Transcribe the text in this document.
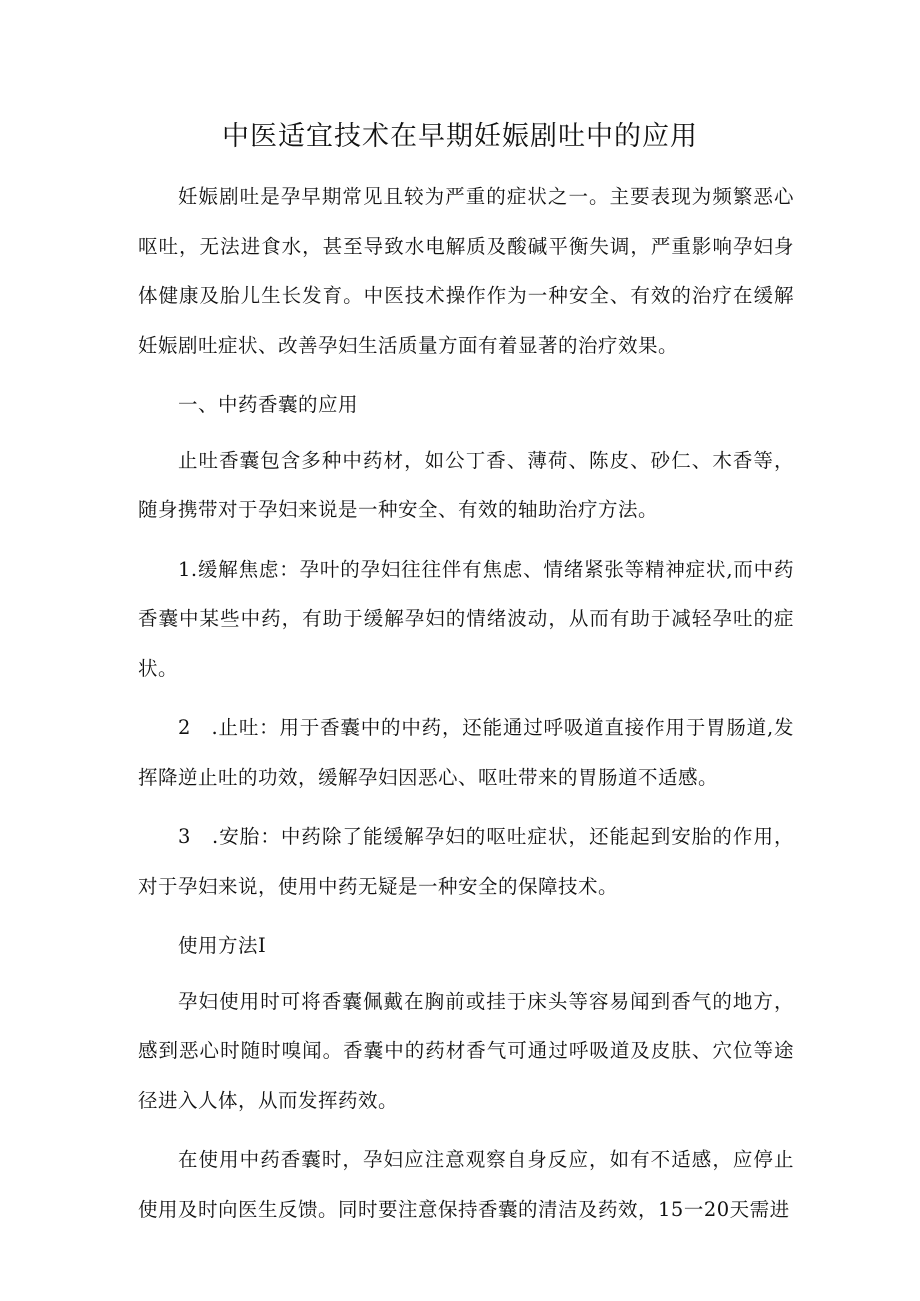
中医适宜技术在早期妊娠剧吐中的应用

妊娠剧吐是孕早期常见且较为严重的症状之一。主要表现为频繁恶心呕吐，无法进食水，甚至导致水电解质及酸碱平衡失调，严重影响孕妇身体健康及胎儿生长发育。中医技术操作作为一种安全、有效的治疗在缓解妊娠剧吐症状、改善孕妇生活质量方面有着显著的治疗效果。

一、中药香囊的应用

止吐香囊包含多种中药材，如公丁香、薄荷、陈皮、砂仁、木香等，随身携带对于孕妇来说是一种安全、有效的轴助治疗方法。

1.缓解焦虑：孕叶的孕妇往往伴有焦虑、情绪紧张等精神症状,而中药香囊中某些中药，有助于缓解孕妇的情绪波动，从而有助于减轻孕吐的症状。

2　.止吐：用于香囊中的中药，还能通过呼吸道直接作用于胃肠道,发挥降逆止吐的功效，缓解孕妇因恶心、呕吐带来的胃肠道不适感。

3　.安胎：中药除了能缓解孕妇的呕吐症状，还能起到安胎的作用，对于孕妇来说，使用中药无疑是一种安全的保障技术。

使用方法I

孕妇使用时可将香囊佩戴在胸前或挂于床头等容易闻到香气的地方，感到恶心时随时嗅闻。香囊中的药材香气可通过呼吸道及皮肤、穴位等途径进入人体，从而发挥药效。

在使用中药香囊时，孕妇应注意观察自身反应，如有不适感，应停止使用及时向医生反馈。同时要注意保持香囊的清洁及药效，15一20天需进
